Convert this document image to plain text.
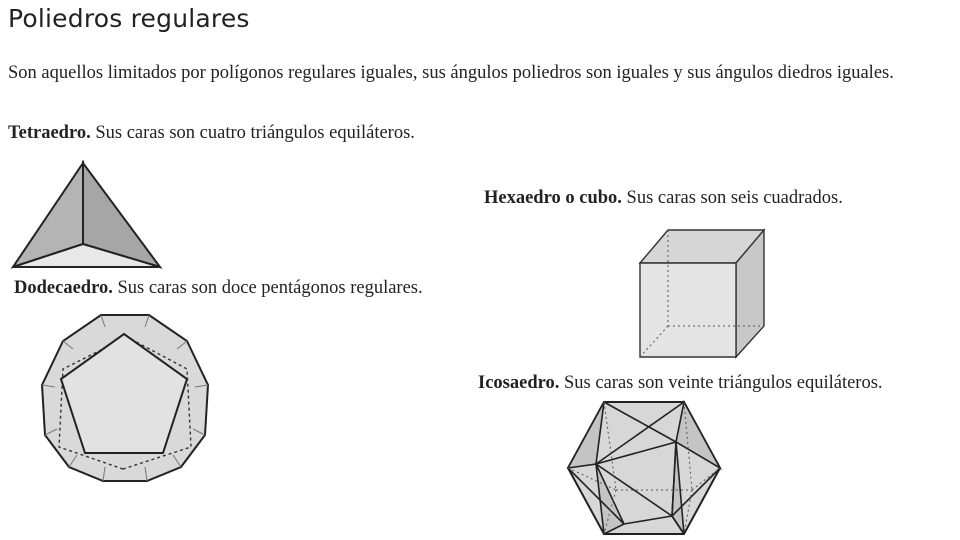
Poliedros regulares
Son aquellos limitados por polígonos regulares iguales, sus ángulos poliedros son iguales y sus ángulos diedros iguales.
Tetraedro. Sus caras son cuatro triángulos equiláteros.
Hexaedro o cubo. Sus caras son seis cuadrados.
Dodecaedro. Sus caras son doce pentágonos regulares.
Icosaedro. Sus caras son veinte triángulos equiláteros.
